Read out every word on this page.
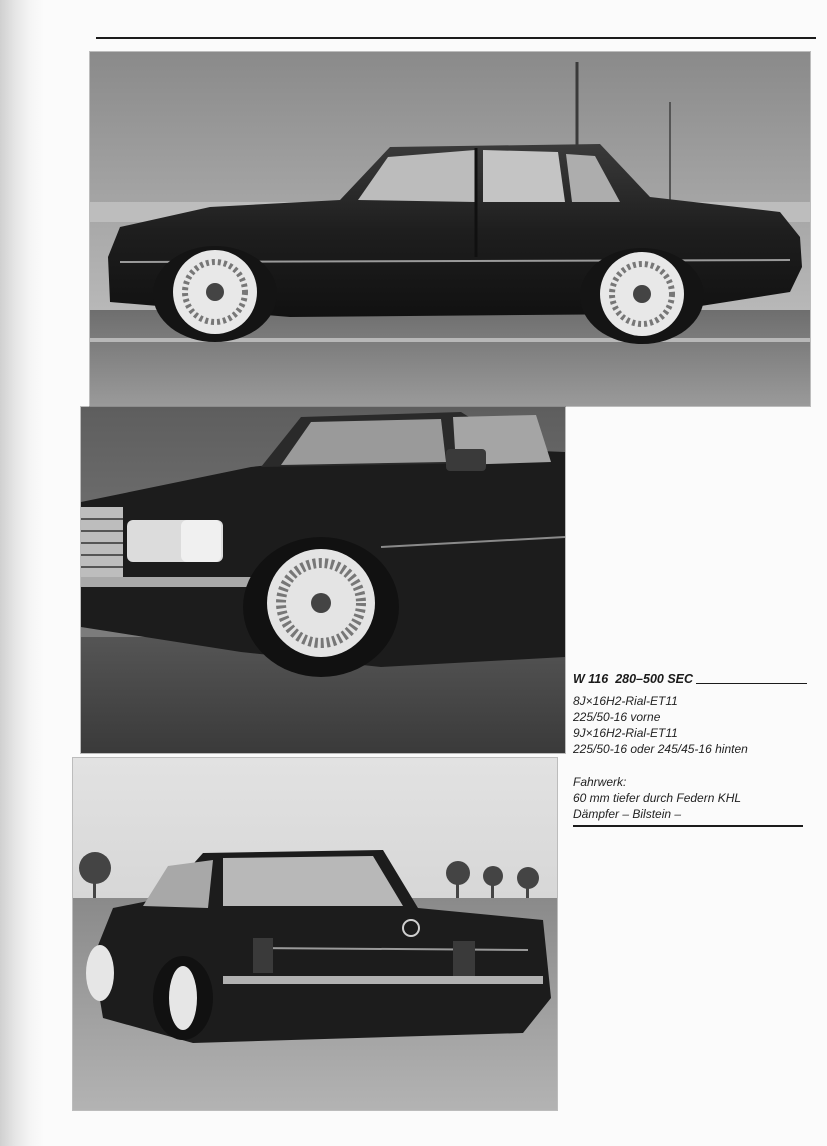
W 116 280–500 SEC
8J×16H2-Rial-ET11
225/50-16 vorne
9J×16H2-Rial-ET11
225/50-16 oder 245/45-16 hinten
Fahrwerk:
60 mm tiefer durch Federn KHL
Dämpfer – Bilstein –
